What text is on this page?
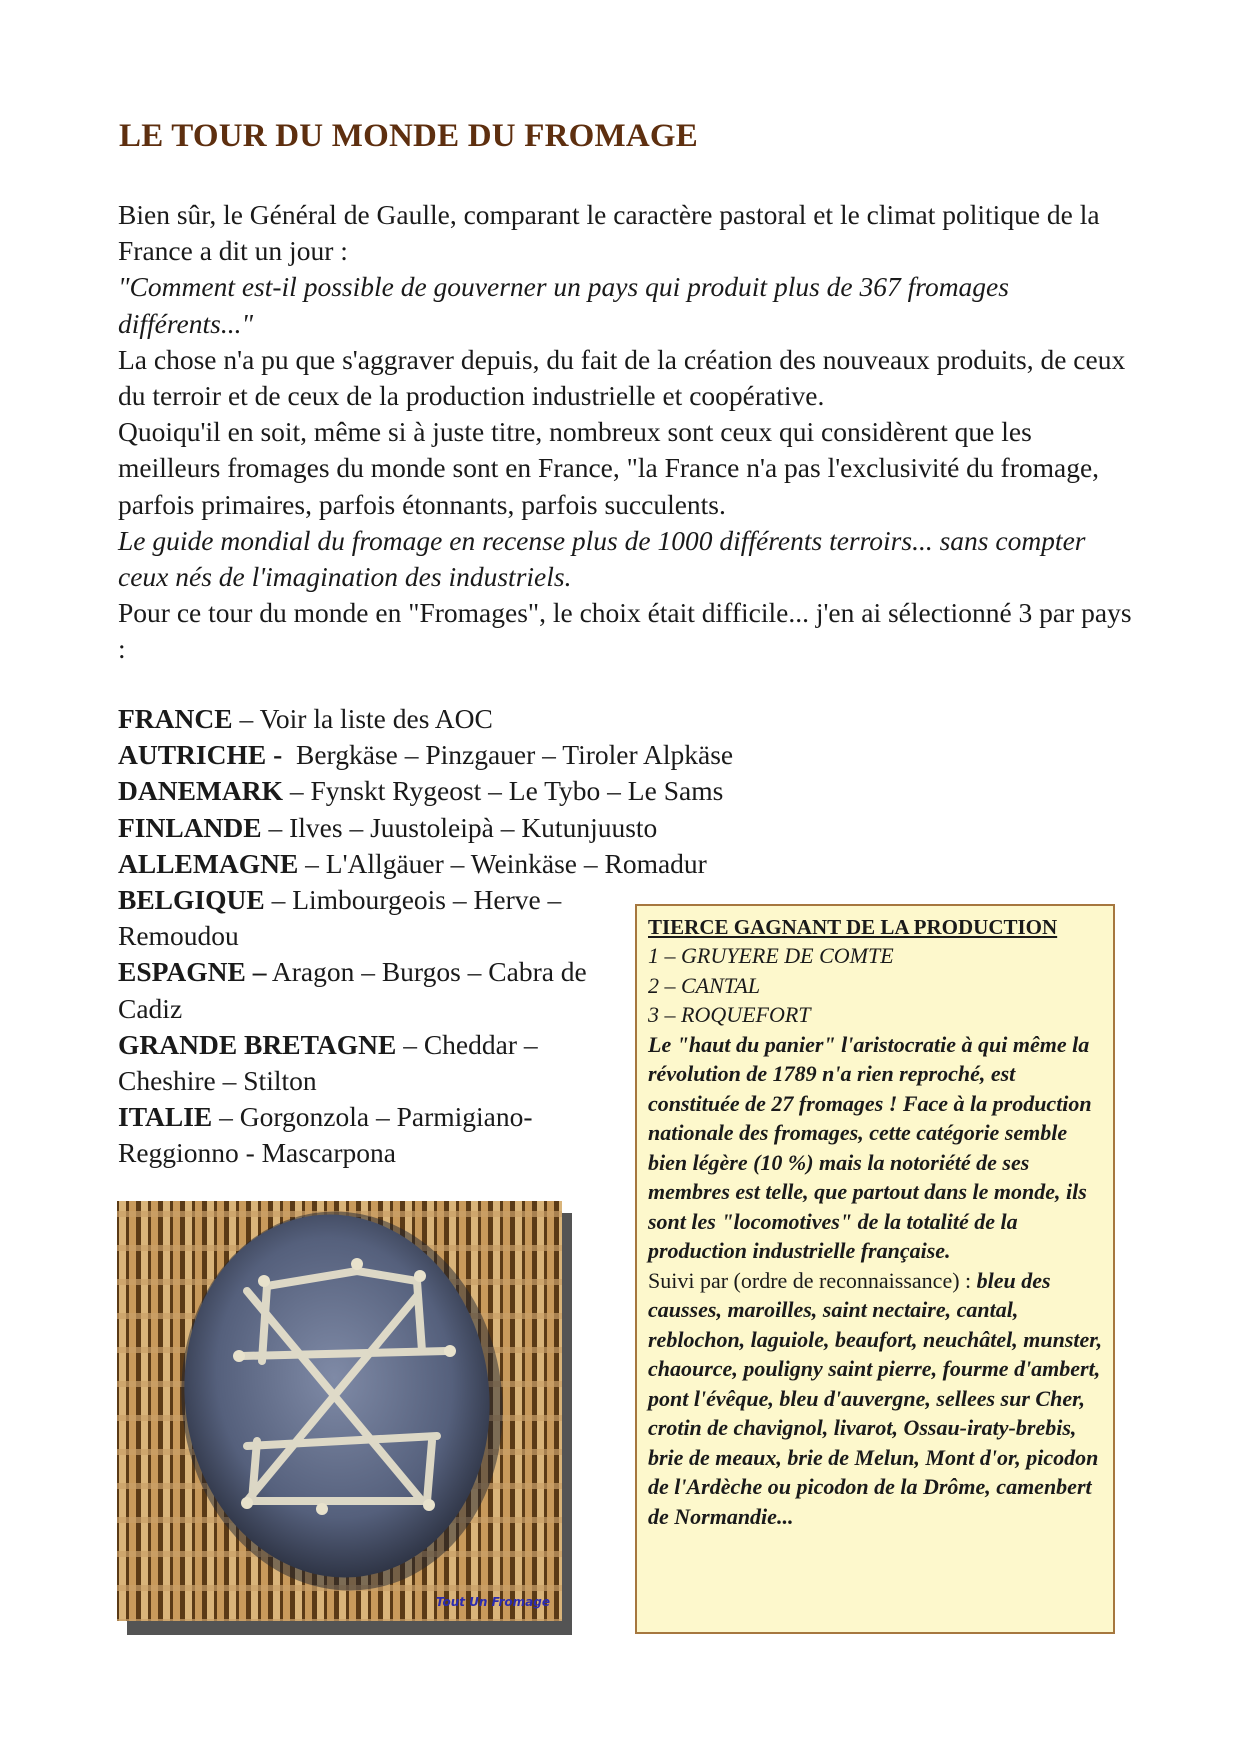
LE TOUR DU MONDE DU FROMAGE

Bien sûr, le Général de Gaulle, comparant le caractère pastoral et le climat politique de la France a dit un jour :

"Comment est-il possible de gouverner un pays qui produit plus de 367 fromages différents..."

La chose n'a pu que s'aggraver depuis, du fait de la création des nouveaux produits, de ceux du terroir et de ceux de la production industrielle et coopérative.

Quoiqu'il en soit, même si à juste titre, nombreux sont ceux qui considèrent que les meilleurs fromages du monde sont en France, "la France n'a pas l'exclusivité du fromage, parfois primaires, parfois étonnants, parfois succulents.

Le guide mondial du fromage en recense plus de 1000 différents terroirs... sans compter ceux nés de l'imagination des industriels.

Pour ce tour du monde en "Fromages", le choix était difficile... j'en ai sélectionné 3 par pays :

FRANCE – Voir la liste des AOC

AUTRICHE -  Bergkäse – Pinzgauer – Tiroler Alpkäse

DANEMARK – Fynskt Rygeost – Le Tybo – Le Sams

FINLANDE – Ilves – Juustoleipà – Kutunjuusto

ALLEMAGNE – L'Allgäuer – Weinkäse – Romadur

BELGIQUE – Limbourgeois – Herve – Remoudou

ESPAGNE – Aragon – Burgos – Cabra de Cadiz

GRANDE BRETAGNE – Cheddar – Cheshire – Stilton

ITALIE – Gorgonzola – Parmigiano-Reggionno - Mascarpona

TIERCE GAGNANT DE LA PRODUCTION

1 – GRUYERE DE COMTE

2 – CANTAL

3 – ROQUEFORT

Le "haut du panier" l'aristocratie à qui même la révolution de 1789 n'a rien reproché, est constituée de 27 fromages ! Face à la production nationale des fromages, cette catégorie semble bien légère (10 %) mais la notoriété de ses membres est telle, que partout dans le monde, ils sont les "locomotives" de la totalité de la production industrielle française.

Suivi par (ordre de reconnaissance) : bleu des causses, maroilles, saint nectaire, cantal, reblochon, laguiole, beaufort, neuchâtel, munster, chaource, pouligny saint pierre, fourme d'ambert, pont l'évêque, bleu d'auvergne, sellees sur Cher, crotin de chavignol, livarot, Ossau-iraty-brebis, brie de meaux, brie de Melun, Mont d'or, picodon de l'Ardèche ou picodon de la Drôme, camenbert de Normandie...

Tout Un Fromage
